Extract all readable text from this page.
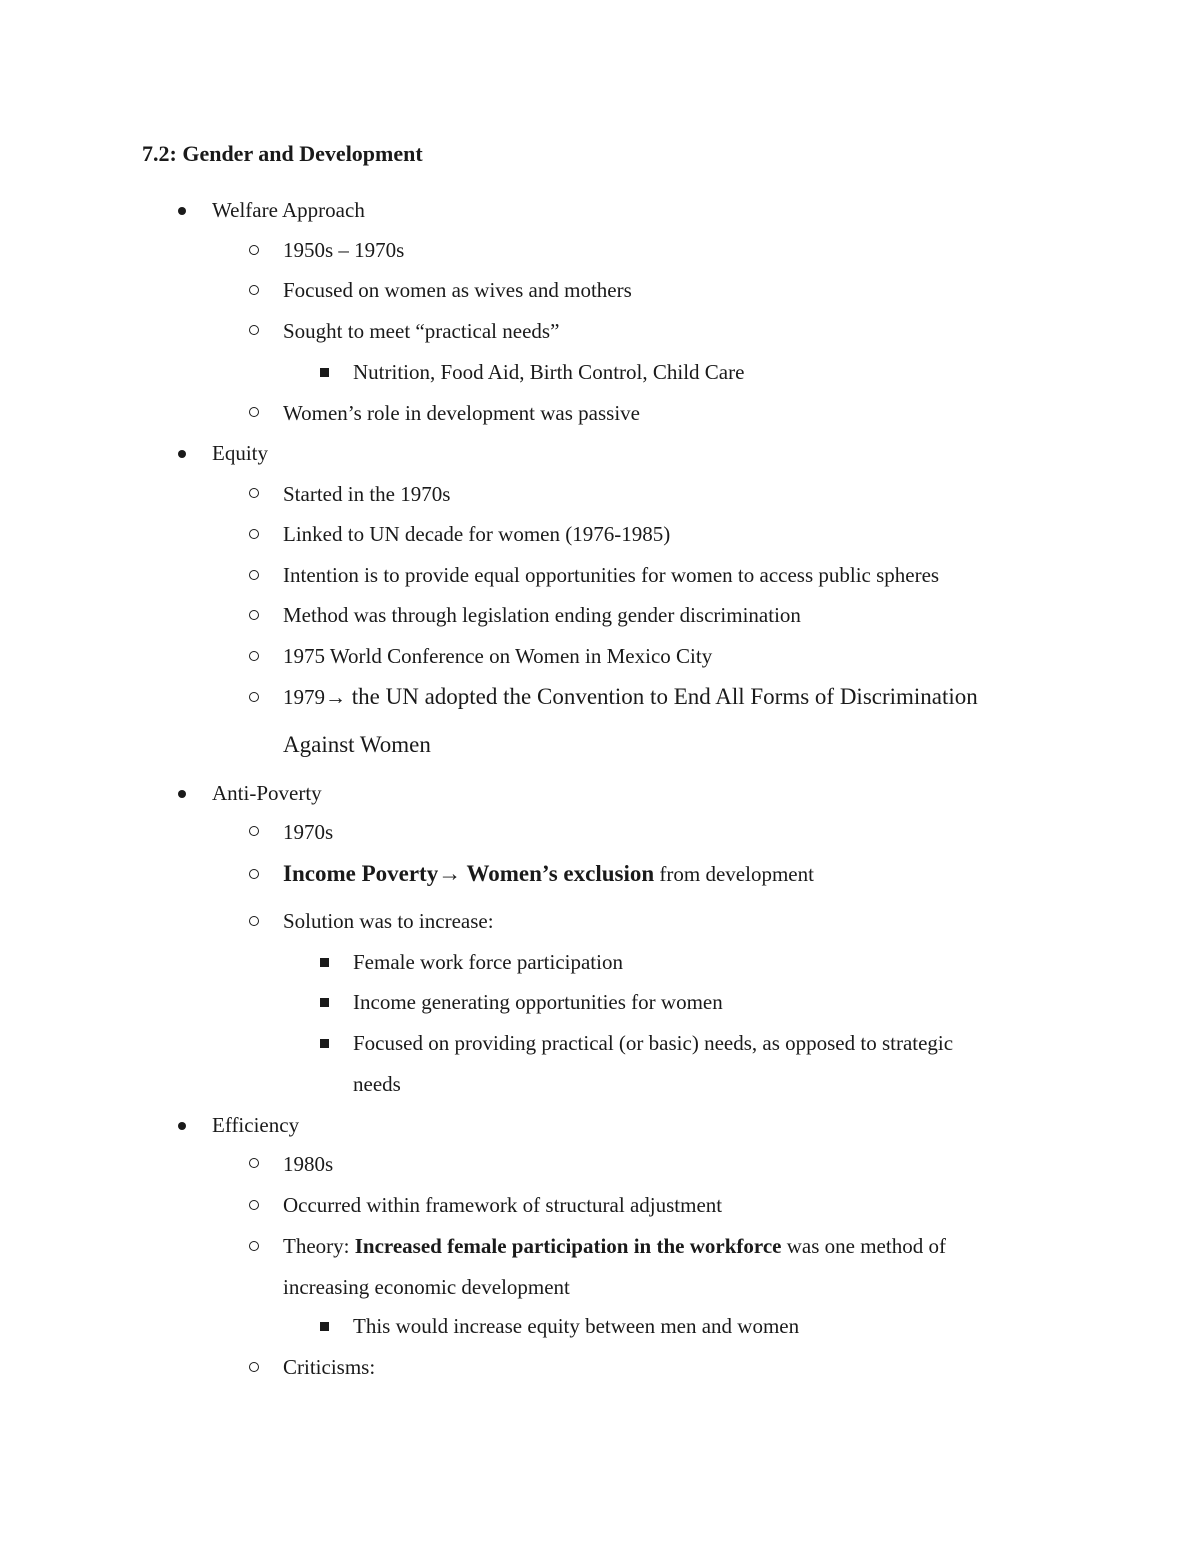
7.2: Gender and Development
Welfare Approach
1950s – 1970s
Focused on women as wives and mothers
Sought to meet “practical needs”
Nutrition, Food Aid, Birth Control, Child Care
Women’s role in development was passive
Equity
Started in the 1970s
Linked to UN decade for women (1976-1985)
Intention is to provide equal opportunities for women to access public spheres
Method was through legislation ending gender discrimination
1975 World Conference on Women in Mexico City
1979→ the UN adopted the Convention to End All Forms of Discrimination
Against Women
Anti-Poverty
1970s
Income Poverty→ Women’s exclusion from development
Solution was to increase:
Female work force participation
Income generating opportunities for women
Focused on providing practical (or basic) needs, as opposed to strategic
needs
Efficiency
1980s
Occurred within framework of structural adjustment
Theory: Increased female participation in the workforce was one method of
increasing economic development
This would increase equity between men and women
Criticisms:
